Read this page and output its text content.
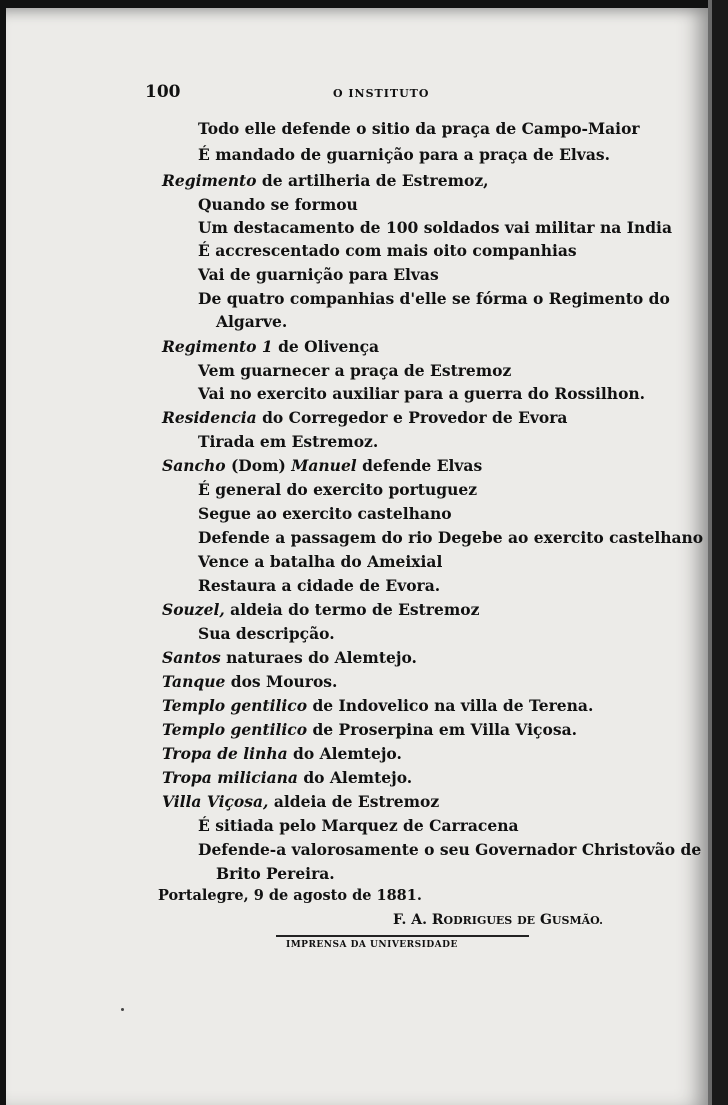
100	O INSTITUTO
Todo elle defende o sitio da praça de Campo-Maior
É mandado de guarnição para a praça de Elvas.
Regimento de artilheria de Estremoz,
Quando se formou
Um destacamento de 100 soldados vai militar na India
É accrescentado com mais oito companhias
Vai de guarnição para Elvas
De quatro companhias d'elle se fórma o Regimento do
Algarve.
Regimento 1 de Olivença
Vem guarnecer a praça de Estremoz
Vai no exercito auxiliar para a guerra do Rossilhon.
Residencia do Corregedor e Provedor de Evora
Tirada em Estremoz.
Sancho (Dom) Manuel defende Elvas
É general do exercito portuguez
Segue ao exercito castelhano
Defende a passagem do rio Degebe ao exercito castelhano
Vence a batalha do Ameixial
Restaura a cidade de Evora.
Souzel, aldeia do termo de Estremoz
Sua descripção.
Santos naturaes do Alemtejo.
Tanque dos Mouros.
Templo gentilico de Indovelico na villa de Terena.
Templo gentilico de Proserpina em Villa Viçosa.
Tropa de linha do Alemtejo.
Tropa miliciana do Alemtejo.
Villa Viçosa, aldeia de Estremoz
É sitiada pelo Marquez de Carracena
Defende-a valorosamente o seu Governador Christovão de
Brito Pereira.
Portalegre, 9 de agosto de 1881.
F. A. RODRIGUES DE GUSMÃO.
IMPRENSA DA UNIVERSIDADE
